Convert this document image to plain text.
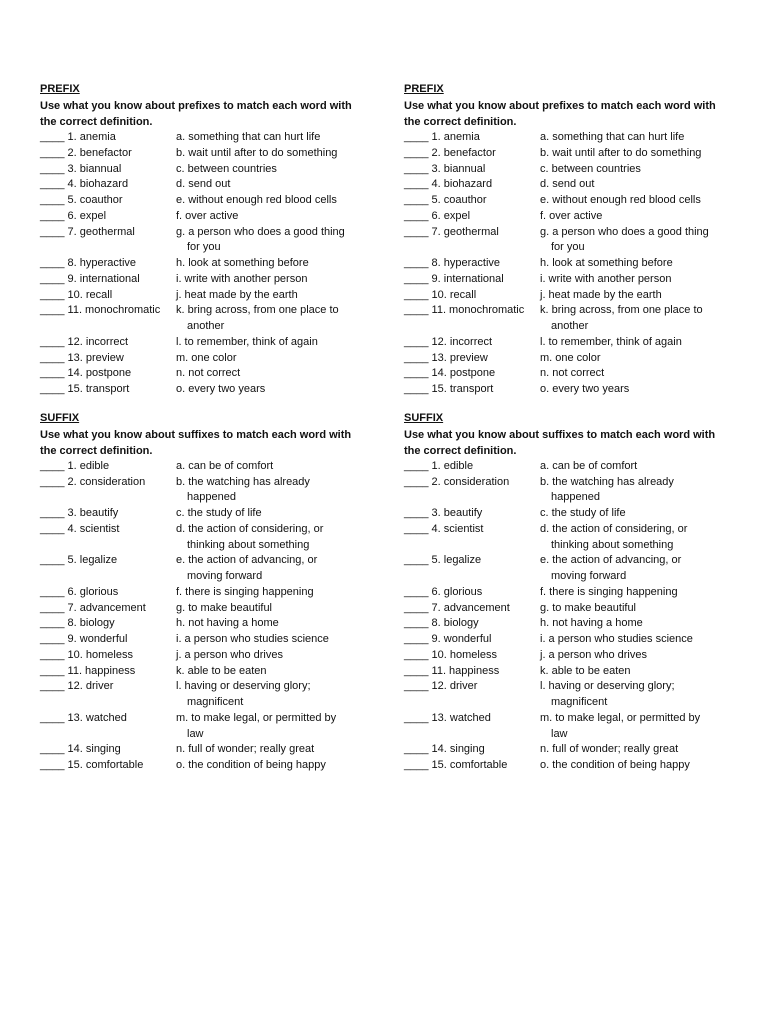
PREFIX
Use what you know about prefixes to match each word with the correct definition.
____ 1. anemia	a. something that can hurt life
____ 2. benefactor	b. wait until after to do something
____ 3. biannual	c. between countries
____ 4. biohazard	d. send out
____ 5. coauthor	e. without enough red blood cells
____ 6. expel	f. over active
____ 7. geothermal	g. a person who does a good thing
for you
____ 8. hyperactive	h. look at something before
____ 9. international	i. write with another person
____ 10. recall	j. heat made by the earth
____ 11. monochromatic	k. bring across, from one place to
another
____ 12. incorrect	l. to remember, think of again
____ 13. preview	m. one color
____ 14. postpone	n. not correct
____ 15. transport	o. every two years
SUFFIX
Use what you know about suffixes to match each word with the correct definition.
____ 1. edible	a. can be of comfort
____ 2. consideration	b. the watching has already
happened
____ 3. beautify	c. the study of life
____ 4. scientist	d. the action of considering, or
thinking about something
____ 5. legalize	e. the action of advancing, or
moving forward
____ 6. glorious	f. there is singing happening
____ 7. advancement	g. to make beautiful
____ 8. biology	h. not having a home
____ 9. wonderful	i. a person who studies science
____ 10. homeless	j. a person who drives
____ 11. happiness	k. able to be eaten
____ 12. driver	l. having or deserving glory;
magnificent
____ 13. watched	m. to make legal, or permitted by
law
____ 14. singing	n. full of wonder; really great
____ 15. comfortable	o. the condition of being happy
PREFIX
Use what you know about prefixes to match each word with the correct definition.
____ 1. anemia	a. something that can hurt life
____ 2. benefactor	b. wait until after to do something
____ 3. biannual	c. between countries
____ 4. biohazard	d. send out
____ 5. coauthor	e. without enough red blood cells
____ 6. expel	f. over active
____ 7. geothermal	g. a person who does a good thing
for you
____ 8. hyperactive	h. look at something before
____ 9. international	i. write with another person
____ 10. recall	j. heat made by the earth
____ 11. monochromatic	k. bring across, from one place to
another
____ 12. incorrect	l. to remember, think of again
____ 13. preview	m. one color
____ 14. postpone	n. not correct
____ 15. transport	o. every two years
SUFFIX
Use what you know about suffixes to match each word with the correct definition.
____ 1. edible	a. can be of comfort
____ 2. consideration	b. the watching has already
happened
____ 3. beautify	c. the study of life
____ 4. scientist	d. the action of considering, or
thinking about something
____ 5. legalize	e. the action of advancing, or
moving forward
____ 6. glorious	f. there is singing happening
____ 7. advancement	g. to make beautiful
____ 8. biology	h. not having a home
____ 9. wonderful	i. a person who studies science
____ 10. homeless	j. a person who drives
____ 11. happiness	k. able to be eaten
____ 12. driver	l. having or deserving glory;
magnificent
____ 13. watched	m. to make legal, or permitted by
law
____ 14. singing	n. full of wonder; really great
____ 15. comfortable	o. the condition of being happy
